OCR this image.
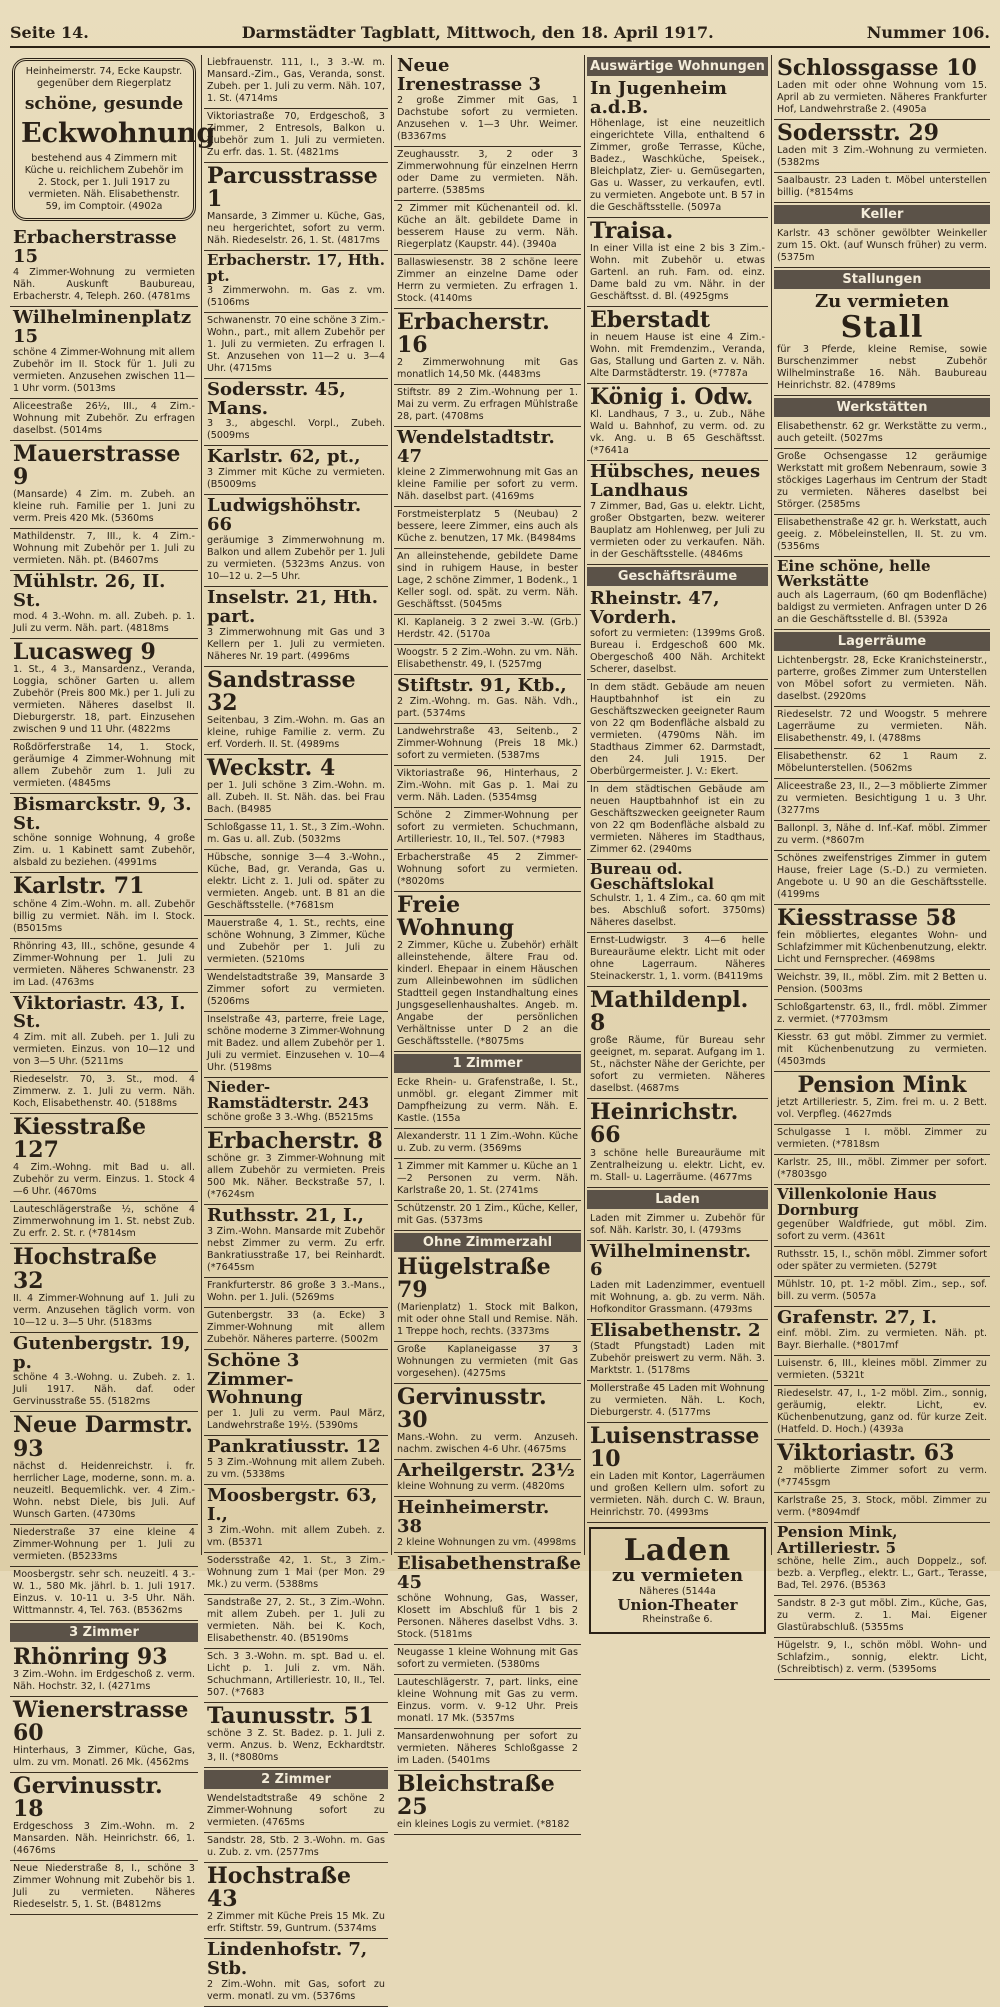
Seite 14.	Darmstädter Tagblatt, Mittwoch, den 18. April 1917.	Nummer 106.
Heinheimerstr. 74, Ecke Kaupstr. gegenüber dem Riegerplatz
schöne, gesunde
Eckwohnung
bestehend aus 4 Zimmern mit Küche u. reichlichem Zubehör im 2. Stock, per 1. Juli 1917 zu vermieten. Näh. Elisabethenstr. 59, im Comptoir. (4902a
Erbacherstrasse 15
4 Zimmer-Wohnung zu vermieten Näh. Auskunft Baubureau, Erbacherstr. 4, Teleph. 260. (4781ms
Wilhelminenplatz 15
schöne 4 Zimmer-Wohnung mit allem Zubehör im II. Stock für 1. Juli zu vermieten. Anzusehen zwischen 11—1 Uhr vorm. (5013ms
Aliceestraße 26½, III., 4 Zim.-Wohnung mit Zubehör. Zu erfragen daselbst. (5014ms
Mauerstrasse 9
(Mansarde) 4 Zim. m. Zubeh. an kleine ruh. Familie per 1. Juni zu verm. Preis 420 Mk. (5360ms
Mathildenstr. 7, III., k. 4 Zim.-Wohnung mit Zubehör per 1. Juli zu vermieten. Näh. pt. (B4607ms
Mühlstr. 26, II. St.
mod. 4 3.-Wohn. m. all. Zubeh. p. 1. Juli zu verm. Näh. part. (4818ms
Lucasweg 9
1. St., 4 3., Mansardenz., Veranda, Loggia, schöner Garten u. allem Zubehör (Preis 800 Mk.) per 1. Juli zu vermieten. Näheres daselbst II. Dieburgerstr. 18, part. Einzusehen zwischen 9 und 11 Uhr. (4822ms
Roßdörferstraße 14, 1. Stock, geräumige 4 Zimmer-Wohnung mit allem Zubehör zum 1. Juli zu vermieten. (4845ms
Bismarckstr. 9, 3. St.
schöne sonnige Wohnung, 4 große Zim. u. 1 Kabinett samt Zubehör, alsbald zu beziehen. (4991ms
Karlstr. 71
schöne 4 Zim.-Wohn. m. all. Zubehör billig zu vermiet. Näh. im I. Stock. (B5015ms
Rhönring 43, III., schöne, gesunde 4 Zimmer-Wohnung per 1. Juli zu vermieten. Näheres Schwanenstr. 23 im Lad. (4763ms
Viktoriastr. 43, I. St.
4 Zim. mit all. Zubeh. per 1. Juli zu vermieten. Einzus. von 10—12 und von 3—5 Uhr. (5211ms
Riedeselstr. 70, 3. St., mod. 4 Zimmerw. z. 1. Juli zu verm. Näh. Koch, Elisabethenstr. 40. (5188ms
Kiesstraße 127
4 Zim.-Wohng. mit Bad u. all. Zubehör zu verm. Einzus. 1. Stock 4—6 Uhr. (4670ms
Lauteschlägerstraße ½, schöne 4 Zimmerwohnung im 1. St. nebst Zub. Zu erfr. 2. St. r. (*7814sm
Hochstraße 32
II. 4 Zimmer-Wohnung auf 1. Juli zu verm. Anzusehen täglich vorm. von 10—12 u. 3—5 Uhr. (5183ms
Gutenbergstr. 19, p.
schöne 4 3.-Wohng. u. Zubeh. z. 1. Juli 1917. Näh. daf. oder Gervinusstraße 55. (5182ms
Neue Darmstr. 93
nächst d. Heidenreichstr. i. fr. herrlicher Lage, moderne, sonn. m. a. neuzeitl. Bequemlichk. ver. 4 Zim.-Wohn. nebst Diele, bis Juli. Auf Wunsch Garten. (4730ms
Niederstraße 37 eine kleine 4 Zimmer-Wohnung per 1. Juli zu vermieten. (B5233ms
Moosbergstr. sehr sch. neuzeitl. 4 3.-W. 1., 580 Mk. jährl. b. 1. Juli 1917. Einzus. v. 10-11 u. 3-5 Uhr. Näh. Wittmannstr. 4, Tel. 763. (B5362ms
3 Zimmer
Rhönring 93
3 Zim.-Wohn. im Erdgeschoß z. verm. Näh. Hochstr. 32, I. (4271ms
Wienerstrasse 60
Hinterhaus, 3 Zimmer, Küche, Gas, ulm. zu vm. Monatl. 26 Mk. (4562ms
Gervinusstr. 18
Erdgeschoss 3 Zim.-Wohn. m. 2 Mansarden. Näh. Heinrichstr. 66, 1. (4676ms
Neue Niederstraße 8, I., schöne 3 Zimmer Wohnung mit Zubehör bis 1. Juli zu vermieten. Näheres Riedeselstr. 5, 1. St. (B4812ms
Liebfrauenstr. 111, I., 3 3.-W. m. Mansard.-Zim., Gas, Veranda, sonst. Zubeh. per 1. Juli zu verm. Näh. 107, 1. St. (4714ms
Viktoriastraße 70, Erdgeschoß, 3 Zimmer, 2 Entresols, Balkon u. Zubehör zum 1. Juli zu vermieten. Zu erfr. das. 1. St. (4821ms
Parcusstrasse 1
Mansarde, 3 Zimmer u. Küche, Gas, neu hergerichtet, sofort zu verm. Näh. Riedeselstr. 26, 1. St. (4817ms
Erbacherstr. 17, Hth. pt.
3 Zimmerwohn. m. Gas z. vm. (5106ms
Schwanenstr. 70 eine schöne 3 Zim.-Wohn., part., mit allem Zubehör per 1. Juli zu vermieten. Zu erfragen I. St. Anzusehen von 11—2 u. 3—4 Uhr. (4715ms
Sodersstr. 45, Mans.
3 3., abgeschl. Vorpl., Zubeh. (5009ms
Karlstr. 62, pt.,
3 Zimmer mit Küche zu vermieten. (B5009ms
Ludwigshöhstr. 66
geräumige 3 Zimmerwohnung m. Balkon und allem Zubehör per 1. Juli zu vermieten. (5323ms Anzus. von 10—12 u. 2—5 Uhr.
Inselstr. 21, Hth. part.
3 Zimmerwohnung mit Gas und 3 Kellern per 1. Juli zu vermieten. Näheres Nr. 19 part. (4996ms
Sandstrasse 32
Seitenbau, 3 Zim.-Wohn. m. Gas an kleine, ruhige Familie z. verm. Zu erf. Vorderh. II. St. (4989ms
Weckstr. 4
per 1. Juli schöne 3 Zim.-Wohn. m. all. Zubeh. II. St. Näh. das. bei Frau Bach. (B4985
Schloßgasse 11, 1. St., 3 Zim.-Wohn. m. Gas u. all. Zub. (5032ms
Hübsche, sonnige 3—4 3.-Wohn., Küche, Bad, gr. Veranda, Gas u. elektr. Licht z. 1. Juli od. später zu vermieten. Angeb. unt. B 81 an die Geschäftsstelle. (*7681sm
Mauerstraße 4, 1. St., rechts, eine schöne Wohnung, 3 Zimmer, Küche und Zubehör per 1. Juli zu vermieten. (5210ms
Wendelstadtstraße 39, Mansarde 3 Zimmer sofort zu vermieten. (5206ms
Inselstraße 43, parterre, freie Lage, schöne moderne 3 Zimmer-Wohnung mit Badez. und allem Zubehör per 1. Juli zu vermiet. Einzusehen v. 10—4 Uhr. (5198ms
Nieder-Ramstädterstr. 243
schöne große 3 3.-Whg. (B5215ms
Erbacherstr. 8
schöne gr. 3 Zimmer-Wohnung mit allem Zubehör zu vermieten. Preis 500 Mk. Näher. Beckstraße 57, I. (*7624sm
Ruthsstr. 21, I.,
3 Zim.-Wohn. Mansarde mit Zubehör nebst Zimmer zu verm. Zu erfr. Bankratiusstraße 17, bei Reinhardt. (*7645sm
Frankfurterstr. 86 große 3 3.-Mans., Wohn. per 1. Juli. (5269ms
Gutenbergstr. 33 (a. Ecke) 3 Zimmer-Wohnung mit allem Zubehör. Näheres parterre. (5002m
Schöne 3 Zimmer-Wohnung
per 1. Juli zu verm. Paul März, Landwehrstraße 19½. (5390ms
Pankratiusstr. 12
5 3 Zim.-Wohnung mit allem Zubeh. zu vm. (5338ms
Moosbergstr. 63, I.,
3 Zim.-Wohn. mit allem Zubeh. z. vm. (B5371
Sodersstraße 42, 1. St., 3 Zim.-Wohnung zum 1 Mai (per Mon. 29 Mk.) zu verm. (5388ms
Sandstraße 27, 2. St., 3 Zim.-Wohn. mit allem Zubeh. per 1. Juli zu vermieten. Näh. bei K. Koch, Elisabethenstr. 40. (B5190ms
Sch. 3 3.-Wohn. m. spt. Bad u. el. Licht p. 1. Juli z. vm. Näh. Schuchmann, Artilleriestr. 10, II., Tel. 507. (*7683
Taunusstr. 51
schöne 3 Z. St. Badez. p. 1. Juli z. verm. Anzus. b. Wenz, Eckhardtstr. 3, II. (*8080ms
2 Zimmer
Wendelstadtstraße 49 schöne 2 Zimmer-Wohnung sofort zu vermieten. (4765ms
Sandstr. 28, Stb. 2 3.-Wohn. m. Gas u. Zub. z. vm. (2577ms
Hochstraße 43
2 Zimmer mit Küche Preis 15 Mk. Zu erfr. Stiftstr. 59, Guntrum. (5374ms
Lindenhofstr. 7, Stb.
2 Zim.-Wohn. mit Gas, sofort zu verm. monatl. zu vm. (5376ms
Neue Irenestrasse 3
2 große Zimmer mit Gas, 1 Dachstube sofort zu vermieten. Anzusehen v. 1—3 Uhr. Weimer. (B3367ms
Zeughausstr. 3, 2 oder 3 Zimmerwohnung für einzelnen Herrn oder Dame zu vermieten. Näh. parterre. (5385ms
2 Zimmer mit Küchenanteil od. kl. Küche an ält. gebildete Dame in besserem Hause zu verm. Näh. Riegerplatz (Kaupstr. 44). (3940a
Ballaswiesenstr. 38 2 schöne leere Zimmer an einzelne Dame oder Herrn zu vermieten. Zu erfragen 1. Stock. (4140ms
Erbacherstr. 16
2 Zimmerwohnung mit Gas monatlich 14,50 Mk. (4483ms
Stiftstr. 89 2 Zim.-Wohnung per 1. Mai zu verm. Zu erfragen Mühlstraße 28, part. (4708ms
Wendelstadtstr. 47
kleine 2 Zimmerwohnung mit Gas an kleine Familie per sofort zu verm. Näh. daselbst part. (4169ms
Forstmeisterplatz 5 (Neubau) 2 bessere, leere Zimmer, eins auch als Küche z. benutzen, 17 Mk. (B4984ms
An alleinstehende, gebildete Dame sind in ruhigem Hause, in bester Lage, 2 schöne Zimmer, 1 Bodenk., 1 Keller sogl. od. spät. zu verm. Näh. Geschäftsst. (5045ms
Kl. Kaplaneig. 3 2 zwei 3.-W. (Grb.) Herdstr. 42. (5170a
Woogstr. 5 2 Zim.-Wohn. zu vm. Näh. Elisabethenstr. 49, I. (5257mg
Stiftstr. 91, Ktb.,
2 Zim.-Wohng. m. Gas. Näh. Vdh., part. (5374ms
Landwehrstraße 43, Seitenb., 2 Zimmer-Wohnung (Preis 18 Mk.) sofort zu vermieten. (5387ms
Viktoriastraße 96, Hinterhaus, 2 Zim.-Wohn. mit Gas p. 1. Mai zu verm. Näh. Laden. (5354msg
Schöne 2 Zimmer-Wohnung per sofort zu vermieten. Schuchmann, Artilleriestr. 10, II., Tel. 507. (*7983
Erbacherstraße 45 2 Zimmer-Wohnung sofort zu vermieten. (*8020ms
Freie Wohnung
2 Zimmer, Küche u. Zubehör) erhält alleinstehende, ältere Frau od. kinderl. Ehepaar in einem Häuschen zum Alleinbewohnen im südlichen Stadtteil gegen Instandhaltung eines Jungsgesellenhaushaltes. Angeb. m. Angabe der persönlichen Verhältnisse unter D 2 an die Geschäftsstelle. (*8075ms
1 Zimmer
Ecke Rhein- u. Grafenstraße, I. St., unmöbl. gr. elegant Zimmer mit Dampfheizung zu verm. Näh. E. Kastle. (155a
Alexanderstr. 11 1 Zim.-Wohn. Küche u. Zub. zu verm. (3569ms
1 Zimmer mit Kammer u. Küche an 1—2 Personen zu verm. Näh. Karlstraße 20, 1. St. (2741ms
Schützenstr. 20 1 Zim., Küche, Keller, mit Gas. (5373ms
Ohne Zimmerzahl
Hügelstraße 79
(Marienplatz) 1. Stock mit Balkon, mit oder ohne Stall und Remise. Näh. 1 Treppe hoch, rechts. (3373ms
Große Kaplaneigasse 37 3 Wohnungen zu vermieten (mit Gas vorgesehen). (4275ms
Gervinusstr. 30
Mans.-Wohn. zu verm. Anzuseh. nachm. zwischen 4-6 Uhr. (4675ms
Arheilgerstr. 23½
kleine Wohnung zu verm. (4820ms
Heinheimerstr. 38
2 kleine Wohnungen zu vm. (4998ms
Elisabethenstraße 45
schöne Wohnung, Gas, Wasser, Klosett im Abschluß für 1 bis 2 Personen. Näheres daselbst Vdhs. 3. Stock. (5181ms
Neugasse 1 kleine Wohnung mit Gas sofort zu vermieten. (5380ms
Lauteschlägerstr. 7, part. links, eine kleine Wohnung mit Gas zu verm. Einzus. vorm. v. 9-12 Uhr. Preis monatl. 17 Mk. (5357ms
Mansardenwohnung per sofort zu vermieten. Näheres Schloßgasse 2 im Laden. (5401ms
Bleichstraße 25
ein kleines Logis zu vermiet. (*8182
Auswärtige Wohnungen
In Jugenheim a.d.B.
Höhenlage, ist eine neuzeitlich eingerichtete Villa, enthaltend 6 Zimmer, große Terrasse, Küche, Badez., Waschküche, Speisek., Bleichplatz, Zier- u. Gemüsegarten, Gas u. Wasser, zu verkaufen, evtl. zu vermieten. Angebote unt. B 57 in die Geschäftsstelle. (5097a
Traisa.
In einer Villa ist eine 2 bis 3 Zim.-Wohn. mit Zubehör u. etwas Gartenl. an ruh. Fam. od. einz. Dame bald zu vm. Nähr. in der Geschäftsst. d. Bl. (4925gms
Eberstadt
in neuem Hause ist eine 4 Zim.-Wohn. mit Fremdenzim., Veranda, Gas, Stallung und Garten z. v. Näh. Alte Darmstädterstr. 19. (*7787a
König i. Odw.
Kl. Landhaus, 7 3., u. Zub., Nähe Wald u. Bahnhof, zu verm. od. zu vk. Ang. u. B 65 Geschäftsst. (*7641a
Hübsches, neues Landhaus
7 Zimmer, Bad, Gas u. elektr. Licht, großer Obstgarten, bezw. weiterer Bauplatz am Hohlenweg, per Juli zu vermieten oder zu verkaufen. Näh. in der Geschäftsstelle. (4846ms
Geschäftsräume
Rheinstr. 47, Vorderh.
sofort zu vermieten: (1399ms Groß. Bureau i. Erdgeschoß 600 Mk. Obergeschoß 400 Näh. Architekt Scherer, daselbst.
In dem städt. Gebäude am neuen Hauptbahnhof ist ein zu Geschäftszwecken geeigneter Raum von 22 qm Bodenfläche alsbald zu vermieten. (4790ms Näh. im Stadthaus Zimmer 62. Darmstadt, den 24. Juli 1915. Der Oberbürgermeister. J. V.: Ekert.
In dem städtischen Gebäude am neuen Hauptbahnhof ist ein zu Geschäftszwecken geeigneter Raum von 22 qm Bodenfläche alsbald zu vermieten. Näheres im Stadthaus, Zimmer 62. (2940ms
Bureau od. Geschäftslokal
Schulstr. 1, 1. 4 Zim., ca. 60 qm mit bes. Abschluß sofort. 3750ms) Näheres daselbst.
Ernst-Ludwigstr. 3 4—6 helle Bureauräume elektr. Licht mit oder ohne Lagerraum. Näheres Steinackerstr. 1, 1. vorm. (B4119ms
Mathildenpl. 8
große Räume, für Bureau sehr geeignet, m. separat. Aufgang im 1. St., nächster Nähe der Gerichte, per sofort zu vermieten. Näheres daselbst. (4687ms
Heinrichstr. 66
3 schöne helle Bureauräume mit Zentralheizung u. elektr. Licht, ev. m. Stall- u. Lagerräume. (4677ms
Laden
Laden mit Zimmer u. Zubehör für sof. Näh. Karlstr. 30, I. (4793ms
Wilhelminenstr. 6
Laden mit Ladenzimmer, eventuell mit Wohnung, a. gb. zu verm. Näh. Hofkonditor Grassmann. (4793ms
Elisabethenstr. 2
(Stadt Pfungstadt) Laden mit Zubehör preiswert zu verm. Näh. 3. Marktstr. 1. (5178ms
Mollerstraße 45 Laden mit Wohnung zu vermieten. Näh. L. Koch, Dieburgerstr. 4. (5177ms
Luisenstrasse 10
ein Laden mit Kontor, Lagerräumen und großen Kellern ulm. sofort zu vermieten. Näh. durch C. W. Braun, Heinrichstr. 70. (4993ms
Laden
zu vermieten
Näheres (5144a
Union-Theater
Rheinstraße 6.
Schlossgasse 10
Laden mit oder ohne Wohnung vom 15. April ab zu vermieten. Näheres Frankfurter Hof, Landwehrstraße 2. (4905a
Sodersstr. 29
Laden mit 3 Zim.-Wohnung zu vermieten. (5382ms
Saalbaustr. 23 Laden t. Möbel unterstellen billig. (*8154ms
Keller
Karlstr. 43 schöner gewölbter Weinkeller zum 15. Okt. (auf Wunsch früher) zu verm. (5375m
Stallungen
Zu vermieten
Stall
für 3 Pferde, kleine Remise, sowie Burschenzimmer nebst Zubehör Wilhelminstraße 16. Näh. Baubureau Heinrichstr. 82. (4789ms
Werkstätten
Elisabethenstr. 62 gr. Werkstätte zu verm., auch geteilt. (5027ms
Große Ochsengasse 12 geräumige Werkstatt mit großem Nebenraum, sowie 3 stöckiges Lagerhaus im Centrum der Stadt zu vermieten. Näheres daselbst bei Störger. (2585ms
Elisabethenstraße 42 gr. h. Werkstatt, auch geeig. z. Möbeleinstellen, II. St. zu vm. (5356ms
Eine schöne, helle Werkstätte
auch als Lagerraum, (60 qm Bodenfläche) baldigst zu vermieten. Anfragen unter D 26 an die Geschäftsstelle d. Bl. (5392a
Lagerräume
Lichtenbergstr. 28, Ecke Kranichsteinerstr., parterre, großes Zimmer zum Unterstellen von Möbel sofort zu vermieten. Näh. daselbst. (2920ms
Riedeselstr. 72 und Woogstr. 5 mehrere Lagerräume zu vermieten. Näh. Elisabethenstr. 49, I. (4788ms
Elisabethenstr. 62 1 Raum z. Möbelunterstellen. (5062ms
Aliceestraße 23, II., 2—3 möblierte Zimmer zu vermieten. Besichtigung 1 u. 3 Uhr. (3277ms
Ballonpl. 3, Nähe d. Inf.-Kaf. möbl. Zimmer zu verm. (*8607m
Schönes zweifenstriges Zimmer in gutem Hause, freier Lage (S.-D.) zu vermieten. Angebote u. U 90 an die Geschäftsstelle. (4199ms
Kiesstrasse 58
fein möbliertes, elegantes Wohn- und Schlafzimmer mit Küchenbenutzung, elektr. Licht und Fernsprecher. (4698ms
Weichstr. 39, II., möbl. Zim. mit 2 Betten u. Pension. (5003ms
Schloßgartenstr. 63, II., frdl. möbl. Zimmer z. vermiet. (*7703msm
Kiesstr. 63 gut möbl. Zimmer zu vermiet. mit Küchenbenutzung zu vermieten. (4503mds
Pension Mink
jetzt Artilleriestr. 5, Zim. frei m. u. 2 Bett. vol. Verpfleg. (4627mds
Schulgasse 1 I. möbl. Zimmer zu vermieten. (*7818sm
Karlstr. 25, III., möbl. Zimmer per sofort. (*7803sgo
Villenkolonie Haus Dornburg
gegenüber Waldfriede, gut möbl. Zim. sofort zu verm. (4361t
Ruthsstr. 15, I., schön möbl. Zimmer sofort oder später zu vermieten. (5279t
Mühlstr. 10, pt. 1-2 möbl. Zim., sep., sof. bill. zu verm. (5057a
Grafenstr. 27, I.
einf. möbl. Zim. zu vermieten. Näh. pt. Bayr. Bierhalle. (*8017mf
Luisenstr. 6, III., kleines möbl. Zimmer zu vermieten. (5321t
Riedeselstr. 47, I., 1-2 möbl. Zim., sonnig, geräumig, elektr. Licht, ev. Küchenbenutzung, ganz od. für kurze Zeit. (Hatfeld. D. Hoch.) (4393a
Viktoriastr. 63
2 möblierte Zimmer sofort zu verm. (*7745sgm
Karlstraße 25, 3. Stock, möbl. Zimmer zu verm. (*8094mdf
Pension Mink, Artilleriestr. 5
schöne, helle Zim., auch Doppelz., sof. bezb. a. Verpfleg., elektr. L., Gart., Terasse, Bad, Tel. 2976. (B5363
Sandstr. 8 2-3 gut möbl. Zim., Küche, Gas, zu verm. z. 1. Mai. Eigener Glastürabschluß. (5355ms
Hügelstr. 9, I., schön möbl. Wohn- und Schlafzim., sonnig, elektr. Licht, (Schreibtisch) z. verm. (5395oms
